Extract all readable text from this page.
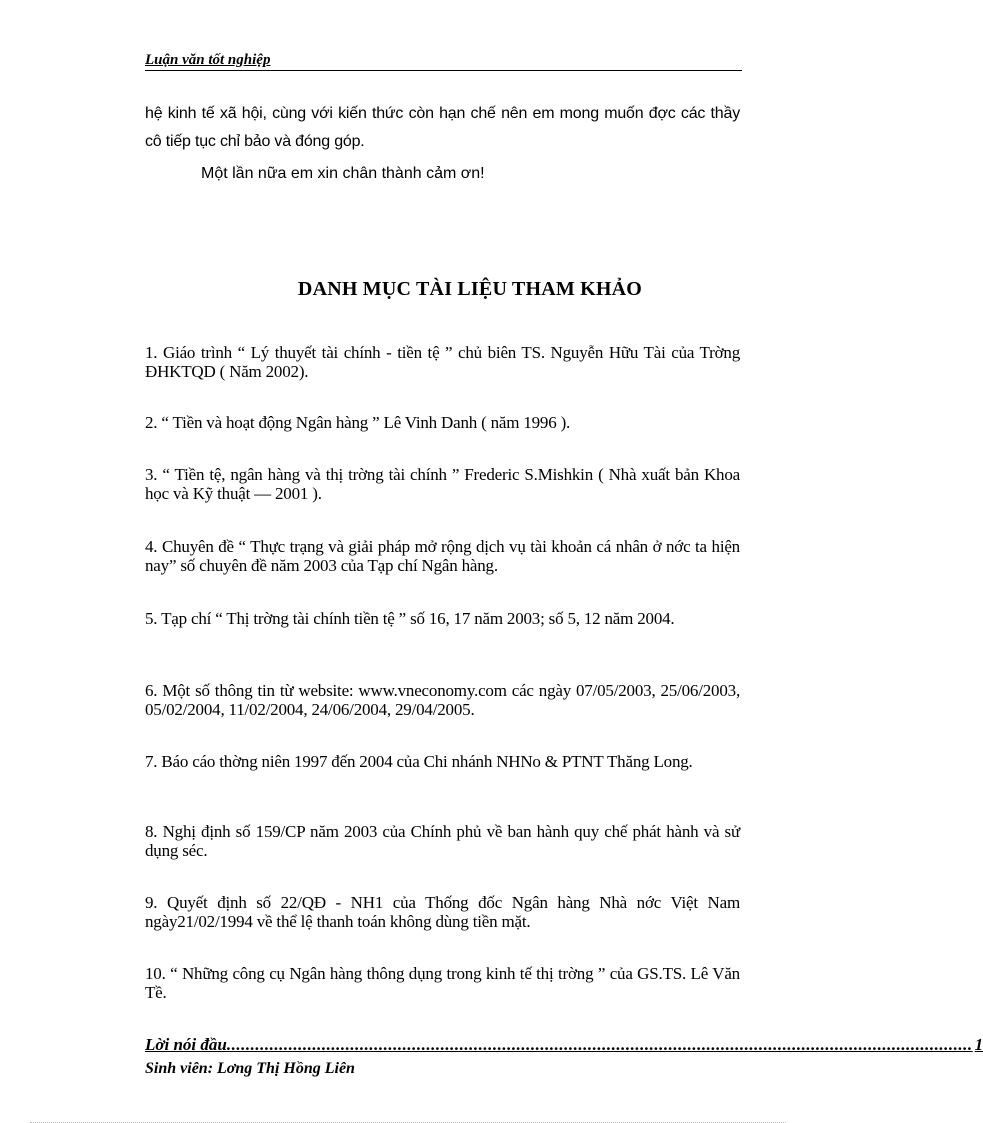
Luận văn tốt nghiệp
hệ kinh tế xã hội, cùng với kiến thức còn hạn chế nên em mong muốn đợc các thầy cô tiếp tục chỉ bảo và đóng góp.
Một lần nữa em xin chân thành cảm ơn!
DANH MỤC TÀI LIỆU THAM KHẢO
1. Giáo trình “ Lý thuyết tài chính - tiền tệ ” chủ biên TS. Nguyễn Hữu Tài của Trờng ĐHKTQD ( Năm 2002).
2. “ Tiền và hoạt động Ngân hàng ” Lê Vinh Danh ( năm 1996 ).
3. “ Tiền tệ, ngân hàng và thị trờng tài chính ” Frederic S.Mishkin ( Nhà xuất bản Khoa học và Kỹ thuật — 2001 ).
4. Chuyên đề “ Thực trạng và giải pháp mở rộng dịch vụ tài khoản cá nhân ở nớc ta hiện nay” số chuyên đề năm 2003 của Tạp chí Ngân hàng.
5. Tạp chí “ Thị trờng tài chính tiền tệ ” số 16, 17 năm 2003; số 5, 12 năm 2004.
6. Một số thông tin từ website: www.vneconomy.com các ngày 07/05/2003, 25/06/2003, 05/02/2004, 11/02/2004, 24/06/2004, 29/04/2005.
7. Báo cáo thờng niên 1997 đến 2004 của Chi nhánh NHNo & PTNT Thăng Long.
8. Nghị định số 159/CP năm 2003 của Chính phủ về ban hành quy chế phát hành và sử dụng séc.
9. Quyết định số 22/QĐ - NH1 của Thống đốc Ngân hàng Nhà nớc Việt Nam ngày21/02/1994 về thể lệ thanh toán không dùng tiền mặt.
10. “ Những công cụ Ngân hàng thông dụng trong kinh tế thị trờng ” của GS.TS. Lê Văn Tề.
Lời nói đầu ............................................................................................................................................................. 1
Sinh viên: Lơng Thị Hồng Liên
